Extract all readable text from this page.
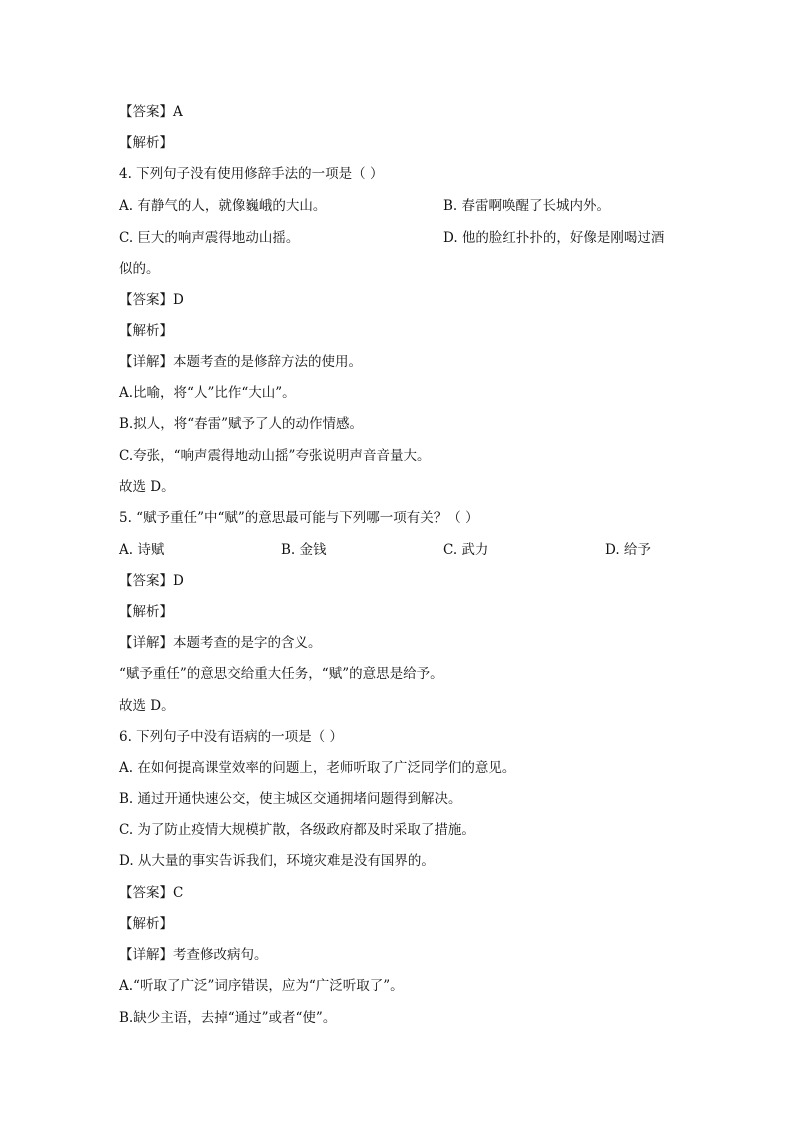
【答案】A
【解析】
4. 下列句子没有使用修辞手法的一项是（ ）
A. 有静气的人，就像巍峨的大山。	B. 春雷啊唤醒了长城内外。
C. 巨大的响声震得地动山摇。	D. 他的脸红扑扑的，好像是刚喝过酒
似的。
【答案】D
【解析】
【详解】本题考查的是修辞方法的使用。
A.比喻，将“人”比作“大山”。
B.拟人，将“春雷”赋予了人的动作情感。
C.夸张，“响声震得地动山摇”夸张说明声音音量大。
故选 D。
5. “赋予重任”中“赋”的意思最可能与下列哪一项有关？（ ）
A. 诗赋	B. 金钱	C. 武力	D. 给予
【答案】D
【解析】
【详解】本题考查的是字的含义。
“赋予重任”的意思交给重大任务，“赋”的意思是给予。
故选 D。
6. 下列句子中没有语病的一项是（ ）
A. 在如何提高课堂效率的问题上，老师听取了广泛同学们的意见。
B. 通过开通快速公交，使主城区交通拥堵问题得到解决。
C. 为了防止疫情大规模扩散，各级政府都及时采取了措施。
D. 从大量的事实告诉我们，环境灾难是没有国界的。
【答案】C
【解析】
【详解】考查修改病句。
A.“听取了广泛”词序错误，应为“广泛听取了”。
B.缺少主语，去掉“通过”或者“使”。
